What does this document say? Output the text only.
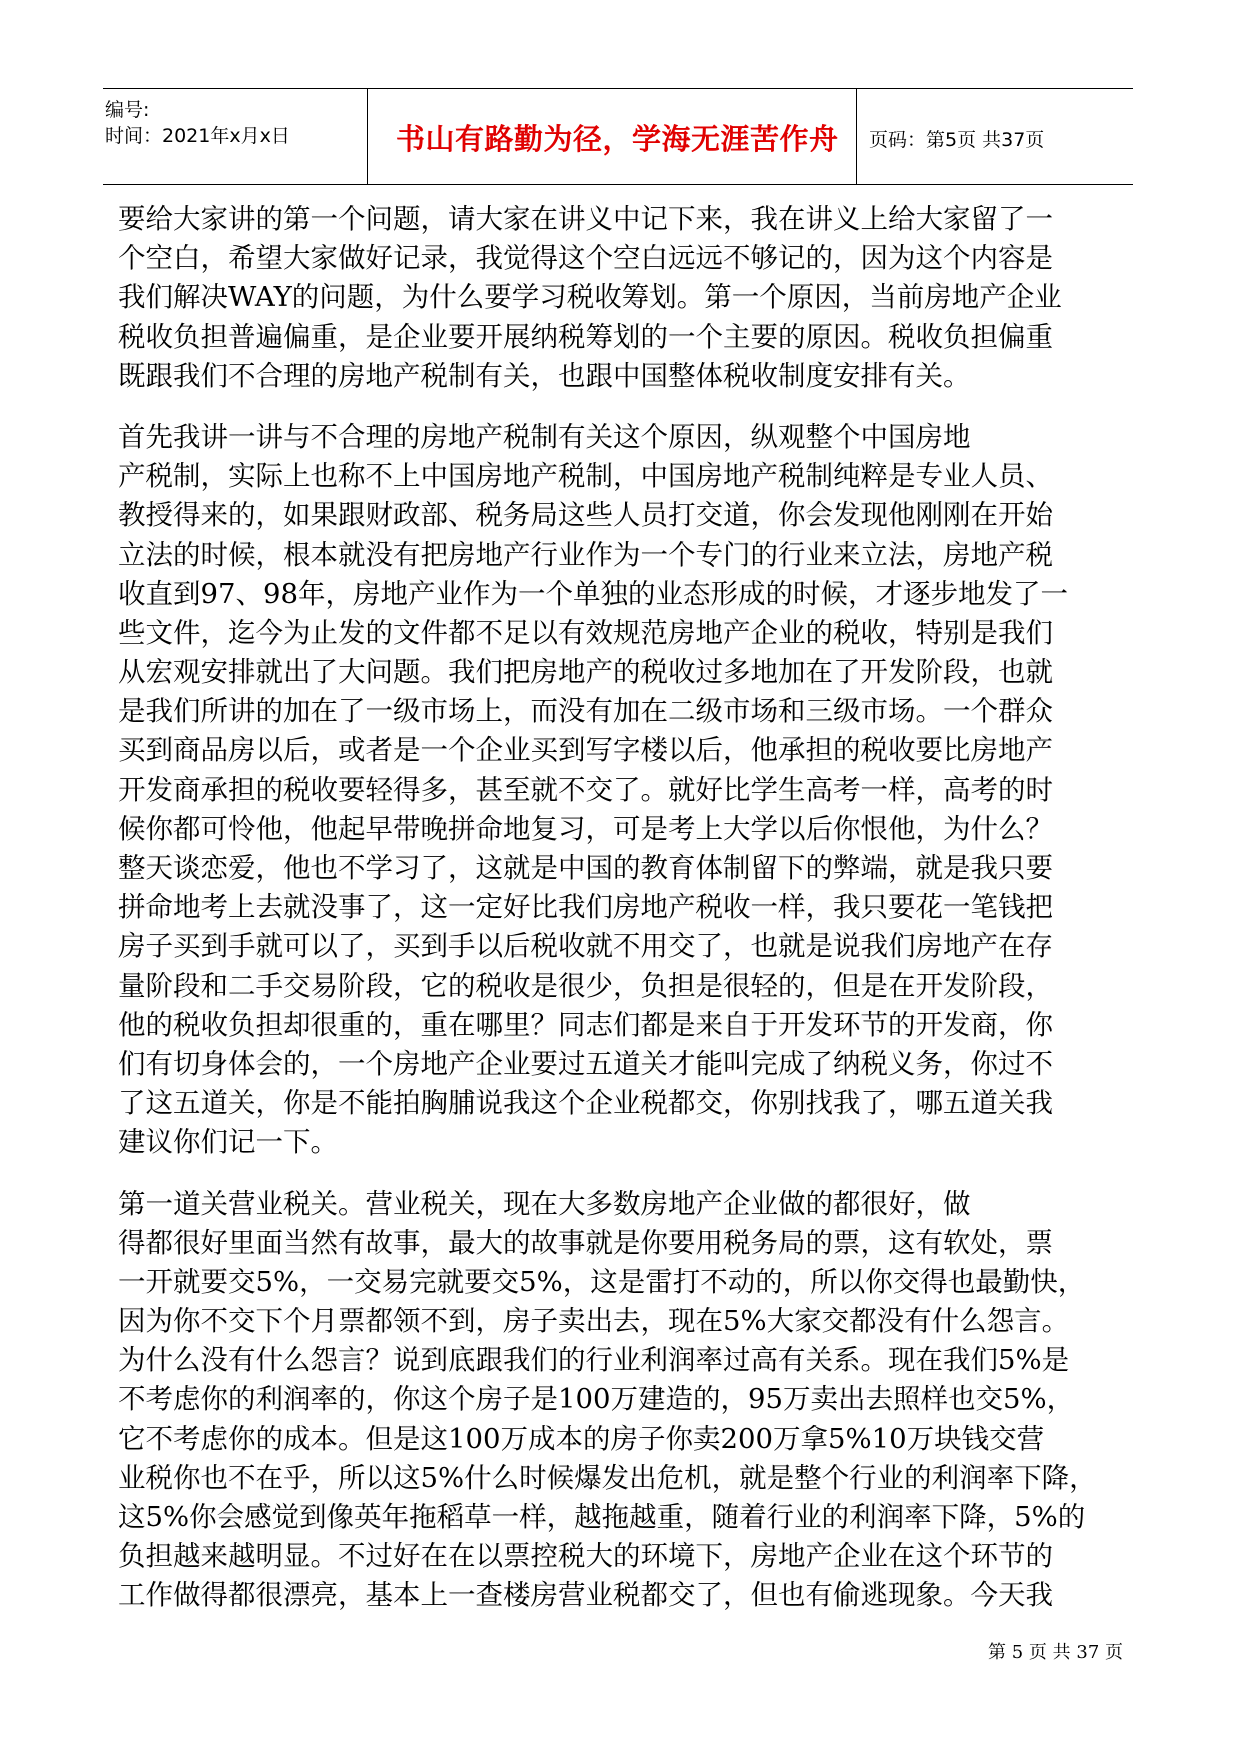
编号:
时间：2021年x月x日	书山有路勤为径，学海无涯苦作舟 页码：第5页 共37页
要给大家讲的第一个问题，请大家在讲义中记下来，我在讲义上给大家留了一
个空白，希望大家做好记录，我觉得这个空白远远不够记的，因为这个内容是
我们解决WAY的问题，为什么要学习税收筹划。第一个原因，当前房地产企业
税收负担普遍偏重，是企业要开展纳税筹划的一个主要的原因。税收负担偏重
既跟我们不合理的房地产税制有关，也跟中国整体税收制度安排有关。
首先我讲一讲与不合理的房地产税制有关这个原因，纵观整个中国房地
产税制，实际上也称不上中国房地产税制，中国房地产税制纯粹是专业人员、
教授得来的，如果跟财政部、税务局这些人员打交道，你会发现他刚刚在开始
立法的时候，根本就没有把房地产行业作为一个专门的行业来立法，房地产税
收直到97、98年，房地产业作为一个单独的业态形成的时候，才逐步地发了一
些文件，迄今为止发的文件都不足以有效规范房地产企业的税收，特别是我们
从宏观安排就出了大问题。我们把房地产的税收过多地加在了开发阶段，也就
是我们所讲的加在了一级市场上，而没有加在二级市场和三级市场。一个群众
买到商品房以后，或者是一个企业买到写字楼以后，他承担的税收要比房地产
开发商承担的税收要轻得多，甚至就不交了。就好比学生高考一样，高考的时
候你都可怜他，他起早带晚拼命地复习，可是考上大学以后你恨他，为什么？
整天谈恋爱，他也不学习了，这就是中国的教育体制留下的弊端，就是我只要
拼命地考上去就没事了，这一定好比我们房地产税收一样，我只要花一笔钱把
房子买到手就可以了，买到手以后税收就不用交了，也就是说我们房地产在存
量阶段和二手交易阶段，它的税收是很少，负担是很轻的，但是在开发阶段，
他的税收负担却很重的，重在哪里？同志们都是来自于开发环节的开发商，你
们有切身体会的，一个房地产企业要过五道关才能叫完成了纳税义务，你过不
了这五道关，你是不能拍胸脯说我这个企业税都交，你别找我了，哪五道关我
建议你们记一下。
第一道关营业税关。营业税关，现在大多数房地产企业做的都很好，做
得都很好里面当然有故事，最大的故事就是你要用税务局的票，这有软处，票
一开就要交5%，一交易完就要交5%，这是雷打不动的，所以你交得也最勤快，
因为你不交下个月票都领不到，房子卖出去，现在5%大家交都没有什么怨言。
为什么没有什么怨言？说到底跟我们的行业利润率过高有关系。现在我们5%是
不考虑你的利润率的，你这个房子是100万建造的，95万卖出去照样也交5%，
它不考虑你的成本。但是这100万成本的房子你卖200万拿5%10万块钱交营
业税你也不在乎，所以这5%什么时候爆发出危机，就是整个行业的利润率下降，
这5%你会感觉到像英年拖稻草一样，越拖越重，随着行业的利润率下降，5%的
负担越来越明显。不过好在在以票控税大的环境下，房地产企业在这个环节的
工作做得都很漂亮，基本上一查楼房营业税都交了，但也有偷逃现象。今天我
第 5 页 共 37 页
